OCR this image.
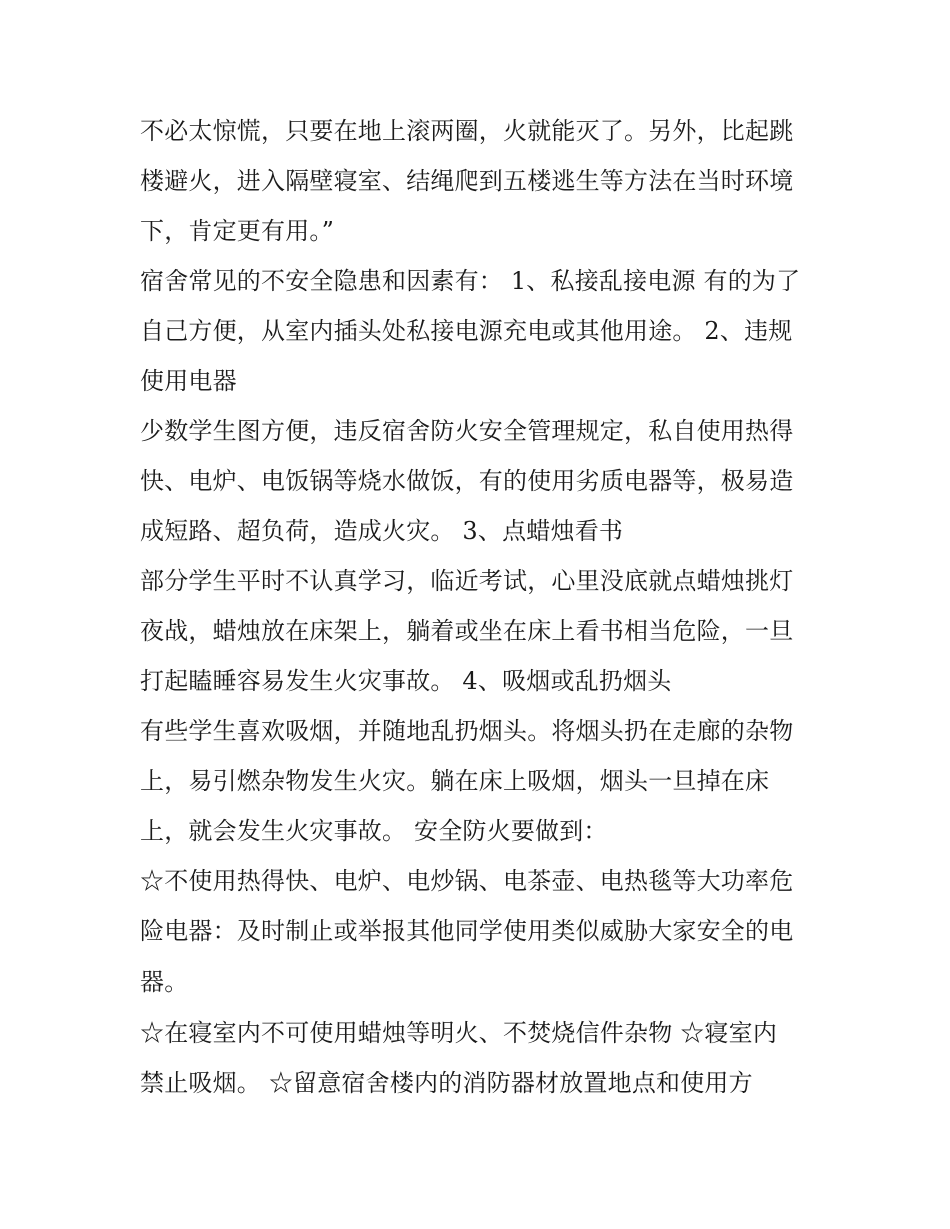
不必太惊慌，只要在地上滚两圈，火就能灭了。另外，比起跳
楼避火，进入隔壁寝室、结绳爬到五楼逃生等方法在当时环境
下，肯定更有用。”
宿舍常见的不安全隐患和因素有： 1、私接乱接电源 有的为了
自己方便，从室内插头处私接电源充电或其他用途。 2、违规
使用电器
少数学生图方便，违反宿舍防火安全管理规定，私自使用热得
快、电炉、电饭锅等烧水做饭，有的使用劣质电器等，极易造
成短路、超负荷，造成火灾。 3、点蜡烛看书
部分学生平时不认真学习，临近考试，心里没底就点蜡烛挑灯
夜战，蜡烛放在床架上，躺着或坐在床上看书相当危险，一旦
打起瞌睡容易发生火灾事故。 4、吸烟或乱扔烟头
有些学生喜欢吸烟，并随地乱扔烟头。将烟头扔在走廊的杂物
上，易引燃杂物发生火灾。躺在床上吸烟，烟头一旦掉在床
上，就会发生火灾事故。 安全防火要做到：
☆不使用热得快、电炉、电炒锅、电茶壶、电热毯等大功率危
险电器：及时制止或举报其他同学使用类似威胁大家安全的电
器。
☆在寝室内不可使用蜡烛等明火、不焚烧信件杂物 ☆寝室内
禁止吸烟。 ☆留意宿舍楼内的消防器材放置地点和使用方
